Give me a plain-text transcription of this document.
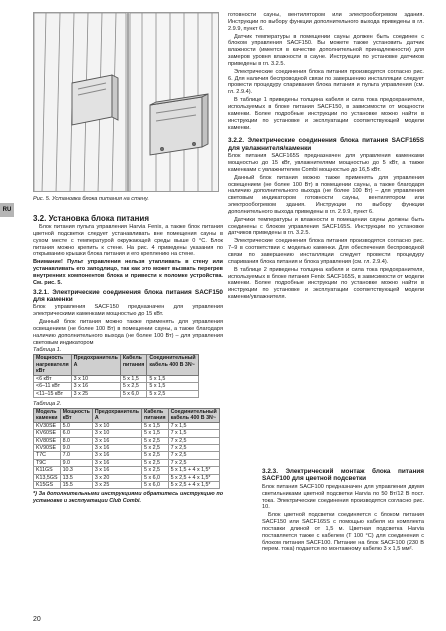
Рис. 5. Установка блока питания на стену.
RU
3.2. Установка блока питания

Блок питания пульта управления Harvia Fenix, а также блок питания цветной подсветки следует устанавливать вне помещения сауны в сухом месте с температурой окружающей среды выше 0 °C. Блок питания можно крепить к стене. На рис. 4 приведены указания по открыванию крышки блока питания и его креплению на стене.

Внимание! Пульт управления нельзя утапливать в стену или устанавливать его заподлицо, так как это может вызвать перегрев внутренних компонентов блока и привести к поломке устройства. См. рис. 5.

3.2.1. Электрические соединения блока питания SACF150 для каменки

Блок управления SACF150 предназначен для управления электрическими каменками мощностью до 15 кВт.

Данный блок питания можно также применять для управления освещением (не более 100 Вт) в помещении сауны, а также благодаря наличию дополнительного выхода (не более 100 Вт) – для управления световым индикатором

Таблица 1.
Мощность нагревателя кВт	Предохранитель A	Кабель питания	Соединительный кабель 400 В 3N~
<6 кВт	3 x 10	5 x 1,5	5 x 1,5
<6–11 кВт	3 x 16	5 x 2,5	5 x 1,5
<11–15 кВт	3 x 25	5 x 6,0	5 x 2,5
Таблица 2.
Модель каменки	Мощность кВт	Предохранитель A	Кабель питания	Соединительный кабель 400 В 3N~
KV30SE	5.0	3 x 10	5 x 1,5	7 x 1,5
KV60SE	6.0	3 x 10	5 x 1,5	7 x 1,5
KV80SE	8.0	3 x 16	5 x 2,5	7 x 2,5
KV90SE	9.0	3 x 16	5 x 2,5	7 x 2,5
T7C	7.0	3 x 16	5 x 2,5	7 x 2,5
T9C	9.0	3 x 16	5 x 2,5	7 x 2,5
K11GS	10.3	3 x 16	5 x 2,5	5 x 1,5 + 4 x 1,5*
K13,5GS	13.5	3 x 20	5 x 6,0	5 x 2,5 + 4 x 1,5*
K15GS	15.5	3 x 25	5 x 6,0	5 x 2,5 + 4 x 1,5*

*) За дополнительными инструкциями обратитесь инструкцию по установке и эксплуатации Club Combi.

готовности сауны, вентилятором или электрообогревом здания. Инструкции по выбору функции дополнительного выхода приведены в гл. 2.9.9, пункт 6.

Датчик температуры в помещении сауны должен быть соединен с блоком управления SACF150. Вы можете также установить датчик влажности (имеется в качестве дополнительной принадлежности) для замеров уровня влажности в сауне. Инструкции по установке датчиков приведены в гл. 3.2.5.

Электрические соединения блока питания производятся согласно рис. 6. Для наличия беспроводной связи по завершению инсталляции следует провести процедуру спаривания блока питания и пульта управления (см. гл. 2.9.4).

В таблице 1 приведены толщина кабеля и сила тока предохранителя, используемых в блоке питания SACF150, в зависимости от мощности каменки. Более подробные инструкции по установке можно найти в инструкции по установке и эксплуатации соответствующей модели каменки.

3.2.2. Электрические соединения блока питания SACF165S для увлажнителя/каменки

Блок питания SACF165S предназначен для управления каменками мощностью до 15 кВт, увлажнителями мощностью до 5 кВт, а также каменками с увлажнителем Combi мощностью до 16,5 кВт.

Данный блок питания можно также применять для управления освещением (не более 100 Вт) в помещении сауны, а также благодаря наличию дополнительного выхода (не более 100 Вт) – для управления световым индикатором готовности сауны, вентилятором или электрообогревом здания. Инструкции по выбору функции дополнительного выхода приведены в гл. 2.9.9, пункт 6.

Датчики температуры и влажности в помещении сауны должны быть соединены с блоком управления SACF165S. Инструкции по установке датчиков приведены в гл. 3.2.5.

Электрические соединения блока питания производятся согласно рис. 7–9 в соответствии с моделью каменки. Для обеспечения беспроводной связи по завершению инсталляции следует провести процедуру спаривания блока питания и блока управления (см. гл. 2.9.4).

В таблице 2 приведены толщина кабеля и сила тока предохранителя, используемых в блоке питания Fenix SACF165S, в зависимости от модели каменки. Более подробные инструкции по установке можно найти в инструкции по установке и эксплуатации соответствующей модели каменки/увлажнителя.

3.2.3. Электрический монтаж блока питания SACF100 для цветной подсветки

Блок питания SACF100 предназначен для управления двумя светильниками цветной подсветки Harvia по 50 Вт/12 В пост. тока. Электрические соединения производятся согласно рис. 10.

Блок цветной подсветки соединяется с блоком питания SACF150 или SACF165S с помощью кабеля из комплекта поставки длиной от 1,5 м. Цветная подсветка Harvia поставляется также с кабелем (T 100 °C) для соединения с блоком питания SACF100. Питание на блок SACF100 (230 В перем. тока) подается по монтажному кабелю 3 x 1,5 мм².

20
